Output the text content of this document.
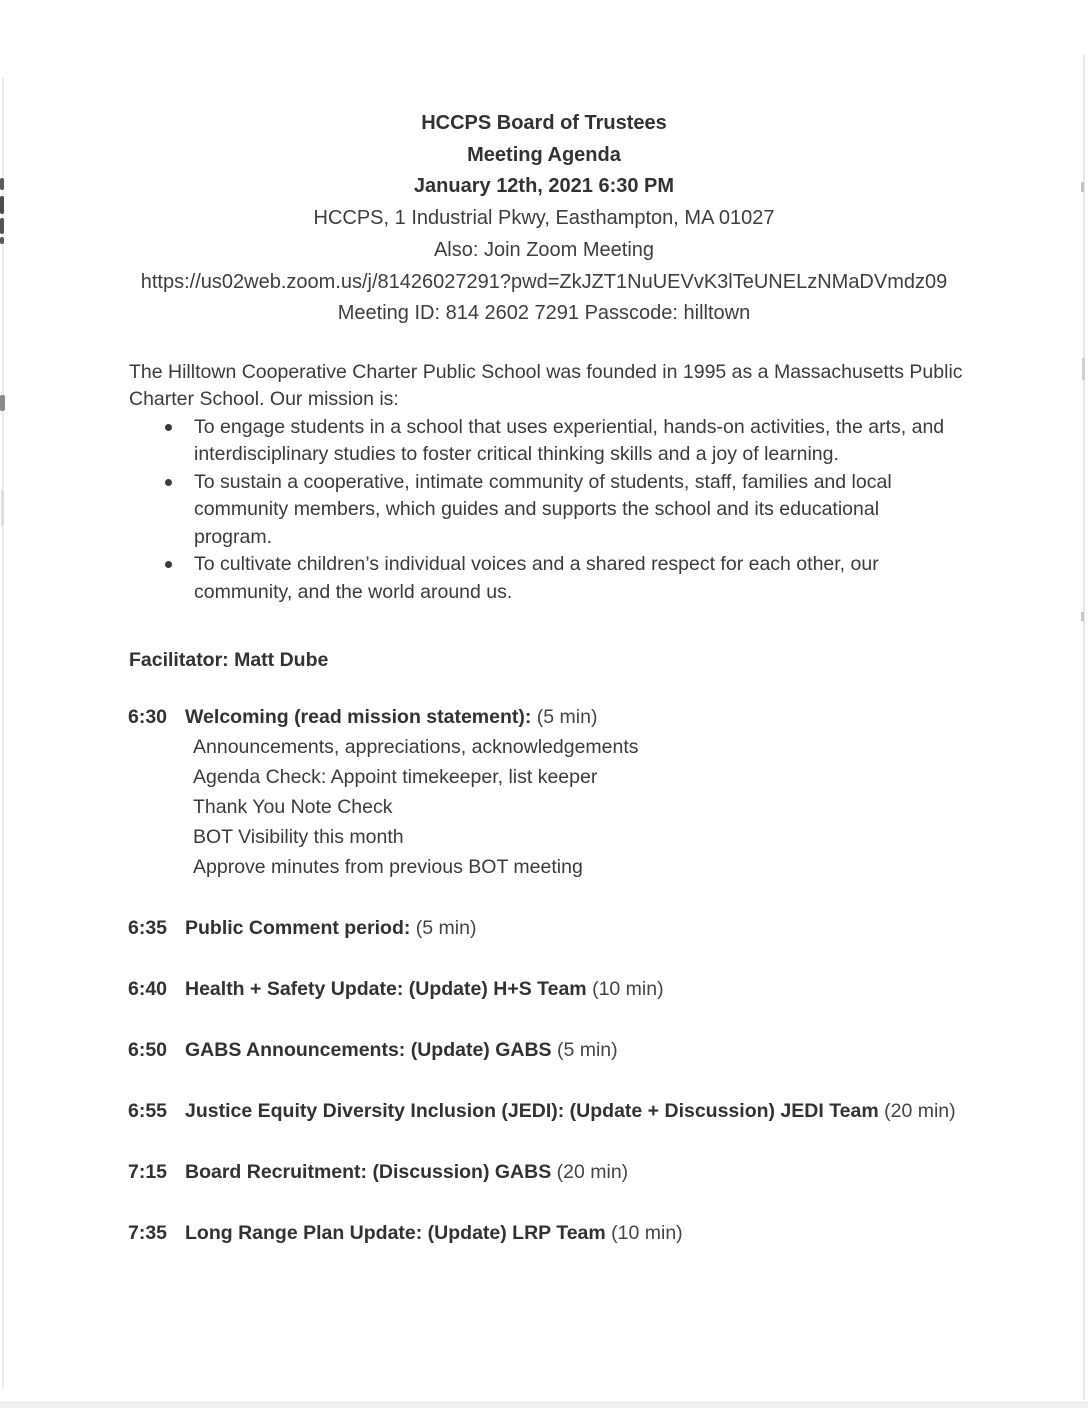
HCCPS Board of Trustees
Meeting Agenda
January 12th, 2021 6:30 PM
HCCPS, 1 Industrial Pkwy, Easthampton, MA 01027
Also: Join Zoom Meeting
https://us02web.zoom.us/j/81426027291?pwd=ZkJZT1NuUEVvK3lTeUNELzNMaDVmdz09
Meeting ID: 814 2602 7291 Passcode: hilltown
The Hilltown Cooperative Charter Public School was founded in 1995 as a Massachusetts Public
Charter School. Our mission is:
To engage students in a school that uses experiential, hands-on activities, the arts, and
interdisciplinary studies to foster critical thinking skills and a joy of learning.
To sustain a cooperative, intimate community of students, staff, families and local
community members, which guides and supports the school and its educational
program.
To cultivate children’s individual voices and a shared respect for each other, our
community, and the world around us.
Facilitator: Matt Dube
6:30 Welcoming (read mission statement): (5 min)
Announcements, appreciations, acknowledgements
Agenda Check: Appoint timekeeper, list keeper
Thank You Note Check
BOT Visibility this month
Approve minutes from previous BOT meeting
6:35 Public Comment period: (5 min)
6:40 Health + Safety Update: (Update) H+S Team (10 min)
6:50 GABS Announcements: (Update) GABS (5 min)
6:55 Justice Equity Diversity Inclusion (JEDI): (Update + Discussion) JEDI Team (20 min)
7:15 Board Recruitment: (Discussion) GABS (20 min)
7:35 Long Range Plan Update: (Update) LRP Team (10 min)
